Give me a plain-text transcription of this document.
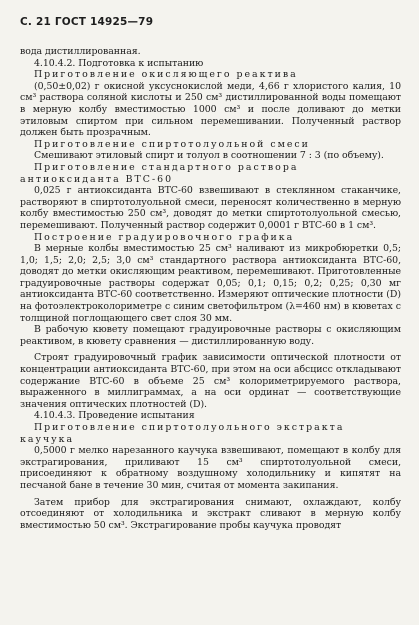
С. 21 ГОСТ 14925—79

вода дистиллированная.

4.10.4.2. Подготовка к испытанию

Приготовление окисляющего реактива

(0,50±0,02) г окисной уксуснокислой меди, 4,66 г хлористого калия, 10 см³ раствора соляной кислоты и 250 см³ дистиллированной воды помещают в мерную колбу вместимостью 1000 см³ и после доливают до метки этиловым спиртом при сильном перемешивании. Полученный раствор должен быть прозрачным.

Приготовление спиртотолуольной смеси

Смешивают этиловый спирт и толуол в соотношении 7 : 3 (по объему).

Приготовление стандартного раствора антиоксиданта ВТС-60

0,025 г антиоксиданта ВТС-60 взвешивают в стеклянном стаканчике, растворяют в спиртотолуольной смеси, переносят количественно в мерную колбу вместимостью 250 см³, доводят до метки спиртотолуольной смесью, перемешивают. Полученный раствор содержит 0,0001 г ВТС-60 в 1 см³.

Построение градуировочного графика

В мерные колбы вместимостью 25 см³ наливают из микробюретки 0,5; 1,0; 1,5; 2,0; 2,5; 3,0 см³ стандартного раствора антиоксиданта ВТС-60, доводят до метки окисляющим реактивом, перемешивают. Приготовленные градуировочные растворы содержат 0,05; 0,1; 0,15; 0,2; 0,25; 0,30 мг антиоксиданта ВТС-60 соответственно. Измеряют оптические плотности (D) на фотоэлектроколориметре с синим светофильтром (λ=460 нм) в кюветах с толщиной поглощающего свет слоя 30 мм.

В рабочую кювету помещают градуировочные растворы с окисляющим реактивом, в кювету сравнения — дистиллированную воду.

Строят градуировочный график зависимости оптической плотности от концентрации антиоксиданта ВТС-60, при этом на оси абсцисс откладывают содержание ВТС-60 в объеме 25 см³ колориметрируемого раствора, выраженного в миллиграммах, а на оси ординат — соответствующие значения оптических плотностей (D).

4.10.4.3. Проведение испытания

Приготовление спиртотолуольного экстракта каучука

0,5000 г мелко нарезанного каучука взвешивают, помещают в колбу для экстрагирования, приливают 15 см³ спиртотолуольной смеси, присоединяют к обратному воздушному холодильнику и кипятят на песчаной бане в течение 30 мин, считая от момента закипания.

Затем прибор для экстрагирования снимают, охлаждают, колбу отсоединяют от холодильника и экстракт сливают в мерную колбу вместимостью 50 см³. Экстрагирование пробы каучука проводят
